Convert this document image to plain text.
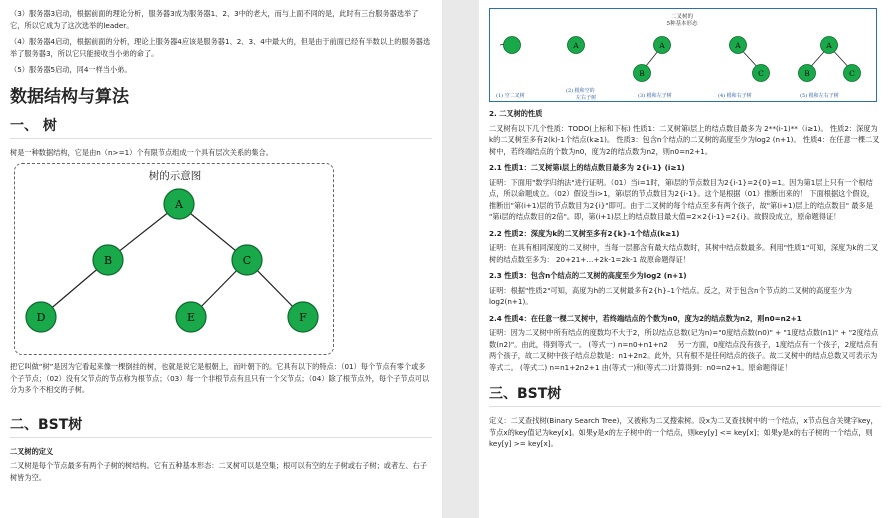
（3）服务器3启动，根据前面的理论分析，服务器3成为服务器1、2、3中的老大，而与上面不同的是，此时有三台服务器选举了它，所以它成为了这次选举的leader。

（4）服务器4启动，根据前面的分析，理论上服务器4应该是服务器1、2、3、4中最大的，但是由于前面已经有半数以上的服务器选举了服务器3，所以它只能接收当小弟的命了。

（5）服务器5启动，同4一样当小弟。

数据结构与算法
一、 树

树是一种数据结构，它是由n（n>=1）个有限节点组成一个具有层次关系的集合。

树的示意图
A
B	C
D	E	F

把它叫做“树”是因为它看起来像一棵倒挂的树，也就是说它是根朝上，而叶朝下的。它具有以下的特点：（01）每个节点有零个或多个子节点；（02）没有父节点的节点称为根节点；（03）每一个非根节点有且只有一个父节点；（04）除了根节点外，每个子节点可以分为多个不相交的子树。

二、BST树

二叉树的定义

二叉树是每个节点最多有两个子树的树结构。它有五种基本形态：二叉树可以是空集；根可以有空的左子树或右子树；或者左、右子树皆为空。

二叉树的
5种基本形态
A	A
B
A
C
A
B	C
(1) 空二叉树
(2) 根和空的
左右子树	(3) 根和左子树	(4) 根和右子树	(5) 根和左右子树

2. 二叉树的性质

二叉树有以下几个性质：TODO(上标和下标) 性质1：二叉树第i层上的结点数目最多为 2**(i-1)**（i≥1)。 性质2：深度为k的二叉树至多有2(k)-1个结点(k≥1)。 性质3：包含n个结点的二叉树的高度至少为log2 (n+1)。 性质4：在任意一棵二叉树中，若终端结点的个数为n0，度为2的结点数为n2，则n0=n2+1。

2.1 性质1：二叉树第i层上的结点数目最多为 2{i-1} (i≥1)

证明：下面用"数学归纳法"进行证明。（01）当i=1时，第i层的节点数目为2{i-1}=2{0}=1。因为第1层上只有一个根结点，所以命题成立。（02）假设当i>1，第i层的节点数目为2{i-1}。这个是根据（01）推断出来的！ 下面根据这个假设，推断出"第(i+1)层的节点数目为2{i}"即可。由于二叉树的每个结点至多有两个孩子，故"第(i+1)层上的结点数目" 最多是 "第i层的结点数目的2倍"。即，第(i+1)层上的结点数目最大值=2×2{i-1}=2{i}。故假设成立，原命题得证！

2.2 性质2：深度为k的二叉树至多有2{k}-1个结点(k≥1)

证明：在具有相同深度的二叉树中，当每一层都含有最大结点数时，其树中结点数最多。利用"性质1"可知，深度为k的二叉树的结点数至多为： 20+21+…+2k-1=2k-1 故原命题得证！

2.3 性质3：包含n个结点的二叉树的高度至少为log2 (n+1)

证明：根据"性质2"可知，高度为h的二叉树最多有2{h}–1个结点。反之，对于包含n个节点的二叉树的高度至少为log2(n+1)。

2.4 性质4：在任意一棵二叉树中，若终端结点的个数为n0，度为2的结点数为n2，则n0=n2+1

证明：因为二叉树中所有结点的度数均不大于2，所以结点总数(记为n)="0度结点数(n0)" + "1度结点数(n1)" + "2度结点数(n2)"。由此，得到等式一。 (等式一) n=n0+n1+n2　 另一方面，0度结点没有孩子，1度结点有一个孩子，2度结点有两个孩子，故二叉树中孩子结点总数是：n1+2n2。此外，只有根不是任何结点的孩子。故二叉树中的结点总数又可表示为等式二。 (等式二) n=n1+2n2+1 由(等式一)和(等式二)计算得到：n0=n2+1。原命题得证！

三、BST树

定义：二叉查找树(Binary Search Tree)，又被称为二叉搜索树。设x为二叉查找树中的一个结点，x节点包含关键字key，节点x的key值记为key[x]。如果y是x的左子树中的一个结点，则key[y] <= key[x]；如果y是x的右子树的一个结点，则key[y] >= key[x]。
